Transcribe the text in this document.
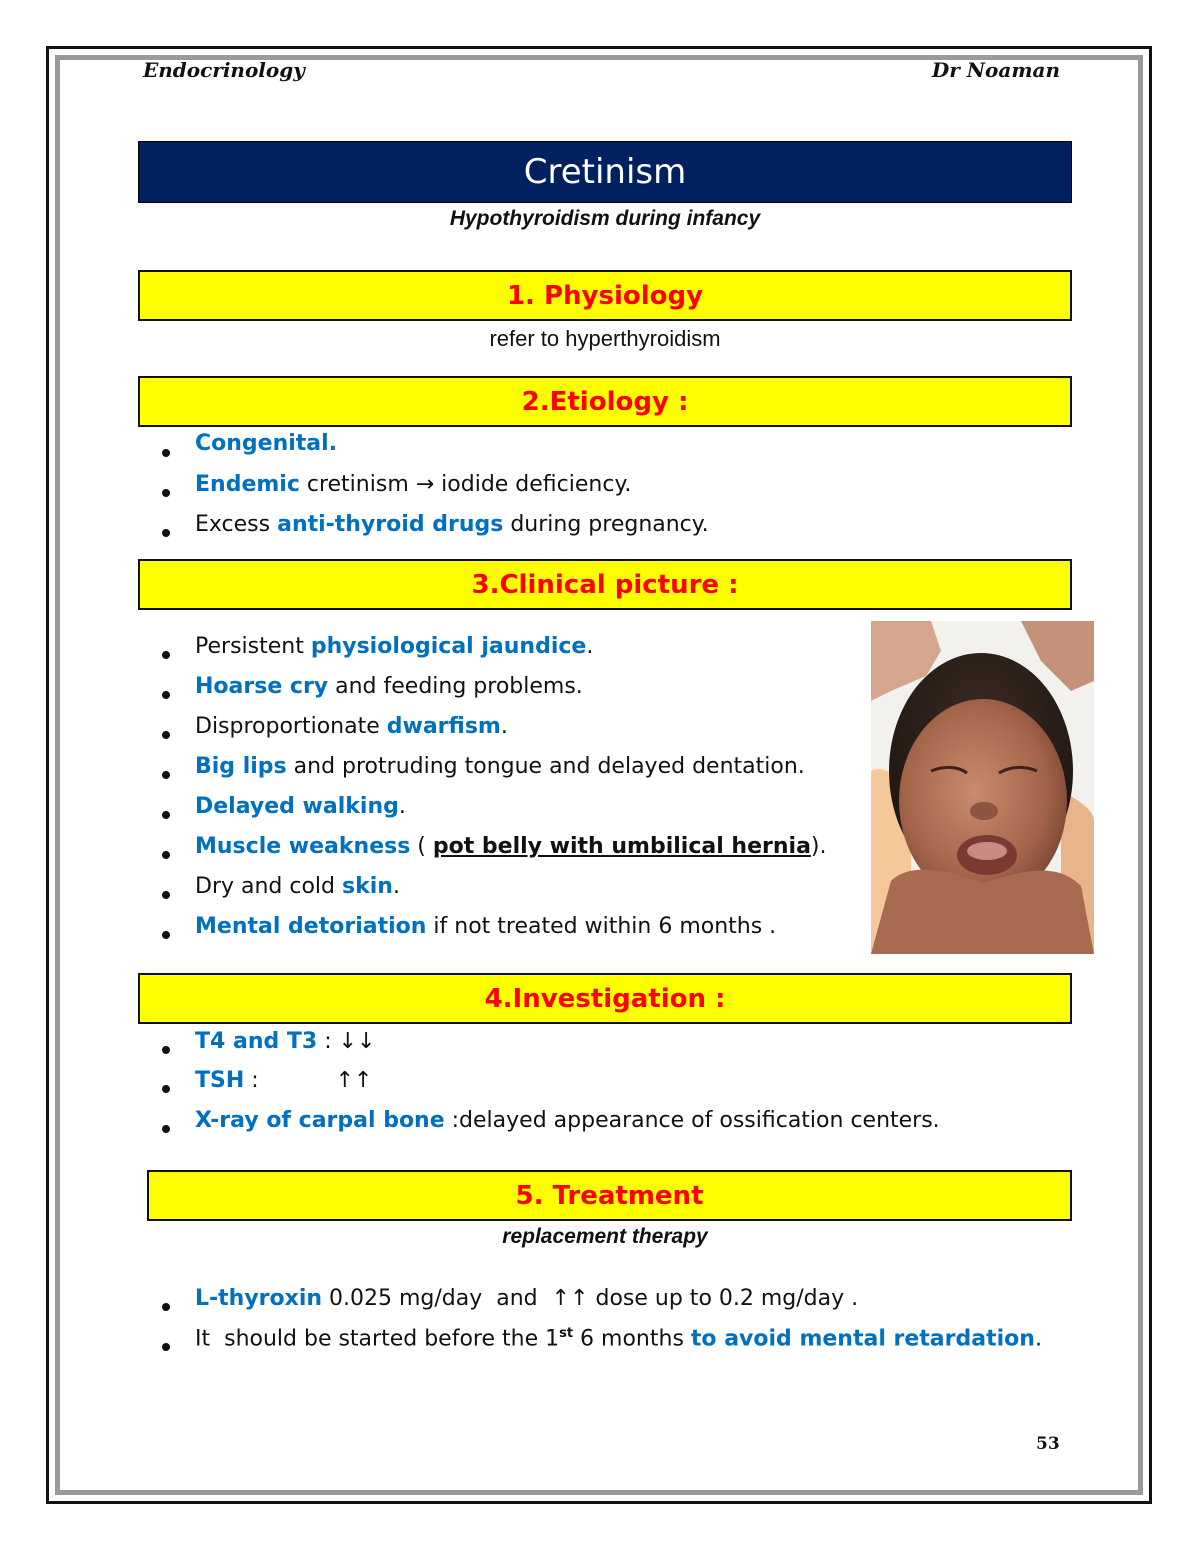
Endocrinology	Dr Noaman
Cretinism
Hypothyroidism during infancy
1. Physiology
refer to hyperthyroidism
2.Etiology :
Congenital.
Endemic cretinism → iodide deficiency.
Excess anti-thyroid drugs during pregnancy.
3.Clinical picture :
Persistent physiological jaundice.
Hoarse cry and feeding problems.
Disproportionate dwarfism.
Big lips and protruding tongue and delayed dentation.
Delayed walking.
Muscle weakness ( pot belly with umbilical hernia).
Dry and cold skin.
Mental detoriation if not treated within 6 months .
4.Investigation :
T4 and T3 : ↓↓
TSH :           ↑↑
X-ray of carpal bone :delayed appearance of ossification centers.
5. Treatment
replacement therapy
L-thyroxin 0.025 mg/day  and  ↑↑ dose up to 0.2 mg/day .
It  should be started before the 1st 6 months to avoid mental retardation.
53
